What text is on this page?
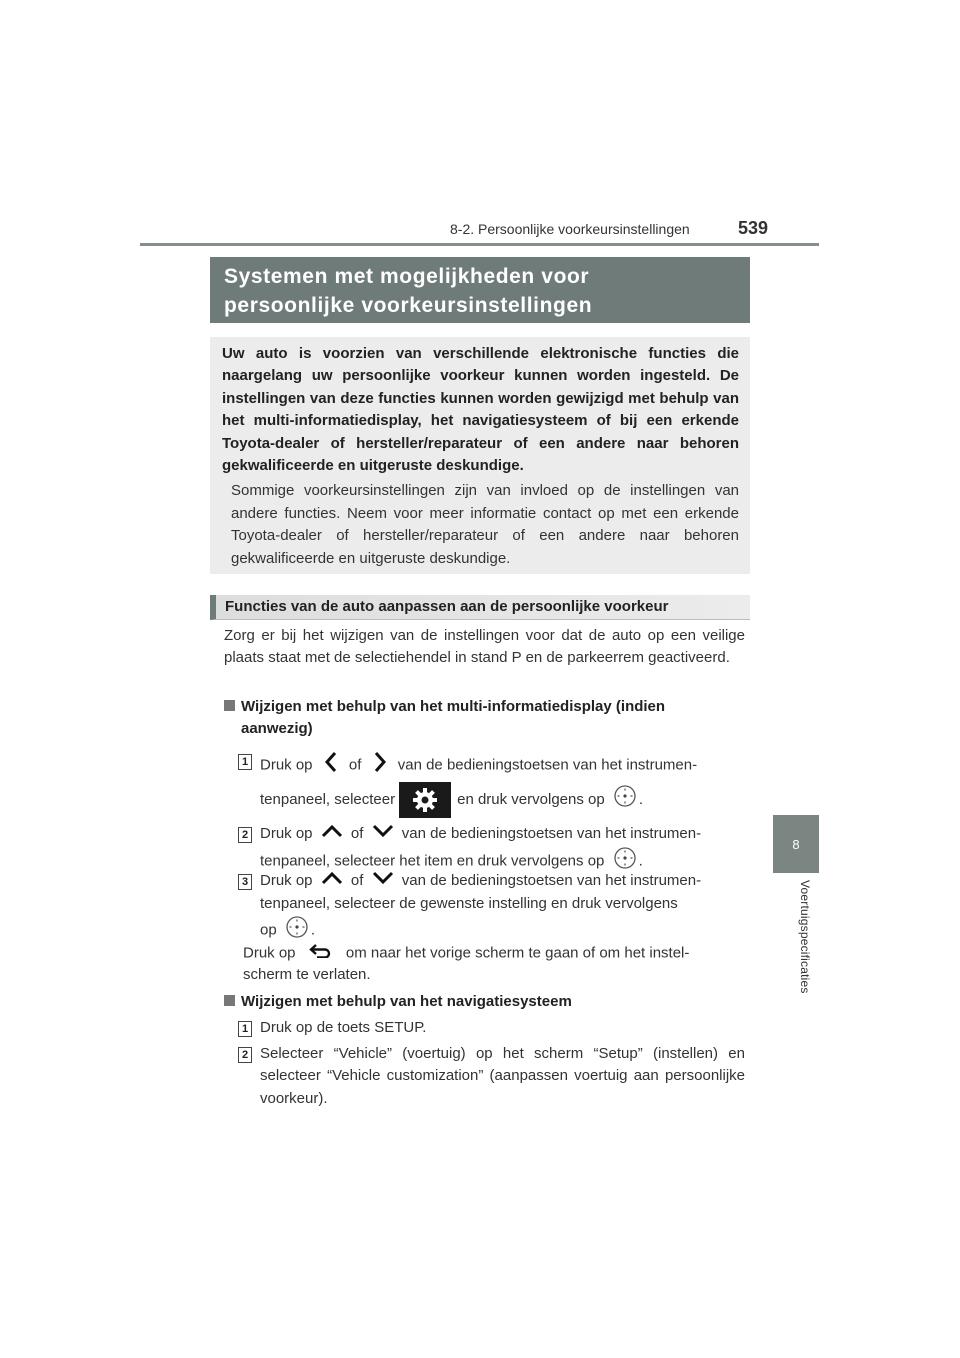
8-2. Persoonlijke voorkeursinstellingen	539
8
Voertuigspecificaties
Systemen met mogelijkheden voor
persoonlijke voorkeursinstellingen
Uw auto is voorzien van verschillende elektronische functies die naargelang uw persoonlijke voorkeur kunnen worden ingesteld. De instellingen van deze functies kunnen worden gewijzigd met behulp van het multi-informatiedisplay, het navigatiesysteem of bij een erkende Toyota-dealer of hersteller/reparateur of een andere naar behoren gekwalificeerde en uitgeruste deskundige.
Sommige voorkeursinstellingen zijn van invloed op de instellingen van andere functies. Neem voor meer informatie contact op met een erkende Toyota-dealer of hersteller/reparateur of een andere naar behoren gekwalificeerde en uitgeruste deskundige.
Functies van de auto aanpassen aan de persoonlijke voorkeur
Zorg er bij het wijzigen van de instellingen voor dat de auto op een veilige plaats staat met de selectiehendel in stand P en de parkeerrem geactiveerd.
Wijzigen met behulp van het multi-informatiedisplay (indien
aanwezig)
1 Druk op of van de bedieningstoetsen van het instrumen-
tenpaneel, selecteer	en druk vervolgens op .
2 Druk op	of	van de bedieningstoetsen van het instrumen-
tenpaneel, selecteer het item en druk vervolgens op .
3 Druk op	of	van de bedieningstoetsen van het instrumen-
tenpaneel, selecteer de gewenste instelling en druk vervolgens
op .
Druk op	om naar het vorige scherm te gaan of om het instel-
scherm te verlaten.
Wijzigen met behulp van het navigatiesysteem
1 Druk op de toets SETUP.
2 Selecteer “Vehicle” (voertuig) op het scherm “Setup” (instellen) en selecteer “Vehicle customization” (aanpassen voertuig aan persoonlijke voorkeur).
